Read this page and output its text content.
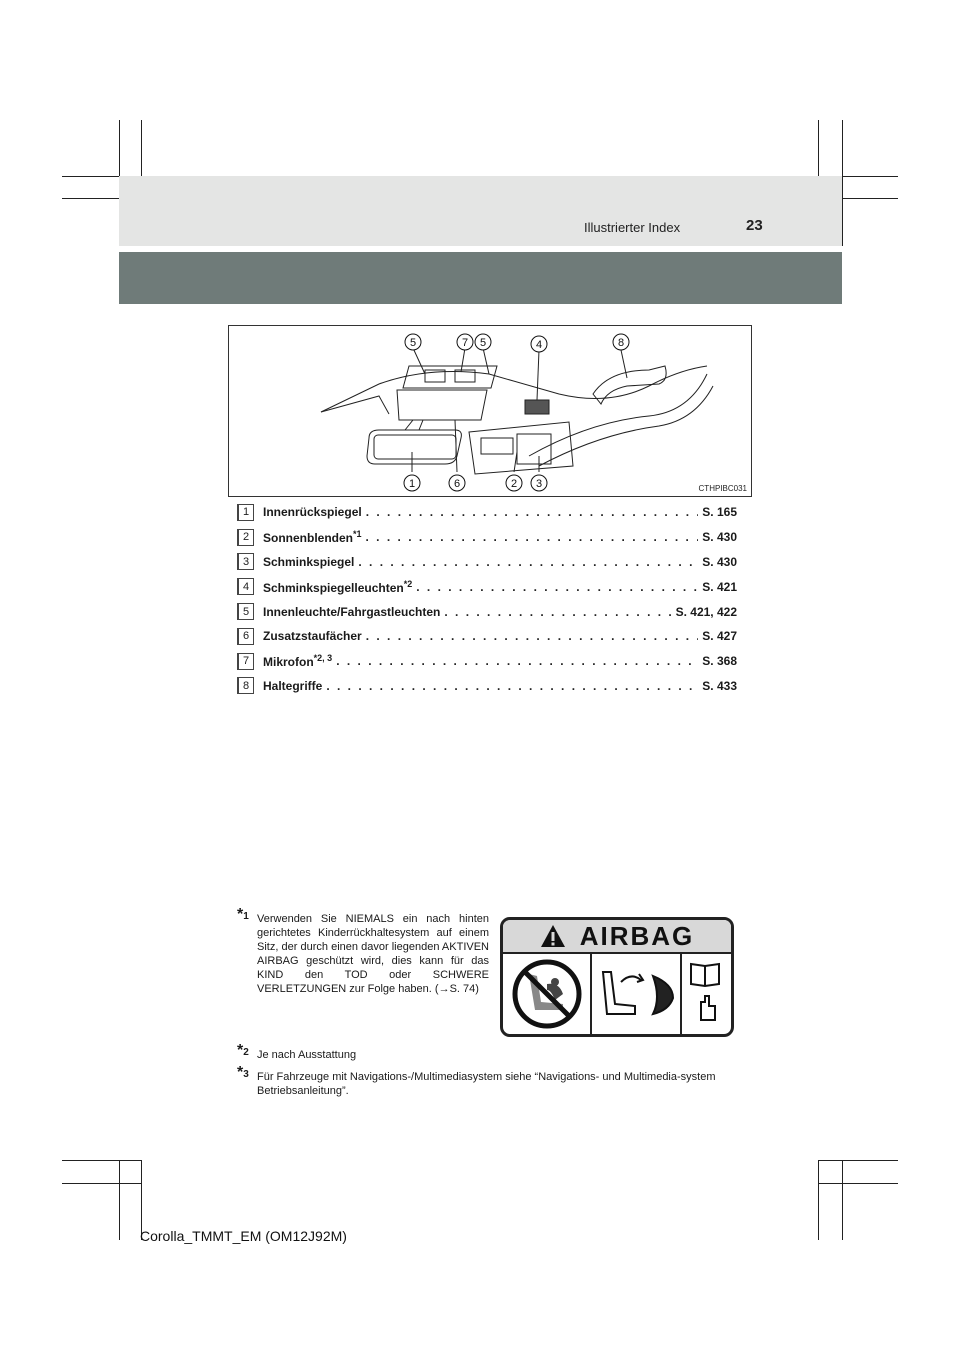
Illustrierter Index	23
5	7 5	4	8
1	6	2 3	CTHPIBC031
1	Innenrückspiegel . . .	S. 165
2	Sonnenblenden$^{*1}$ . . .	S. 430
3	Schminkspiegel . . .	S. 430
4	Schminkspiegelleuchten$^{*2}$ . . .	S. 421
5	Innenleuchte/Fahrgastleuchten . . .	S. 421, 422
6	Zusatzstaufächer . . .	S. 427
7	Mikrofon$^{*2, 3}$ . . .	S. 368
8	Haltegriffe . . .	S. 433
*1 Verwenden Sie NIEMALS ein nach hinten gerichtetes Kinderrückhaltesystem auf einem Sitz, der durch einen davor liegenden AKTIVEN AIRBAG geschützt wird, dies kann für das KIND den TOD oder SCHWERE VERLETZUNGEN zur Folge haben. (→S. 74)
AIRBAG
*2 Je nach Ausstattung
*3 Für Fahrzeuge mit Navigations-/Multimediasystem siehe “Navigations- und Multimedia-system Betriebsanleitung”.
Corolla_TMMT_EM (OM12J92M)
